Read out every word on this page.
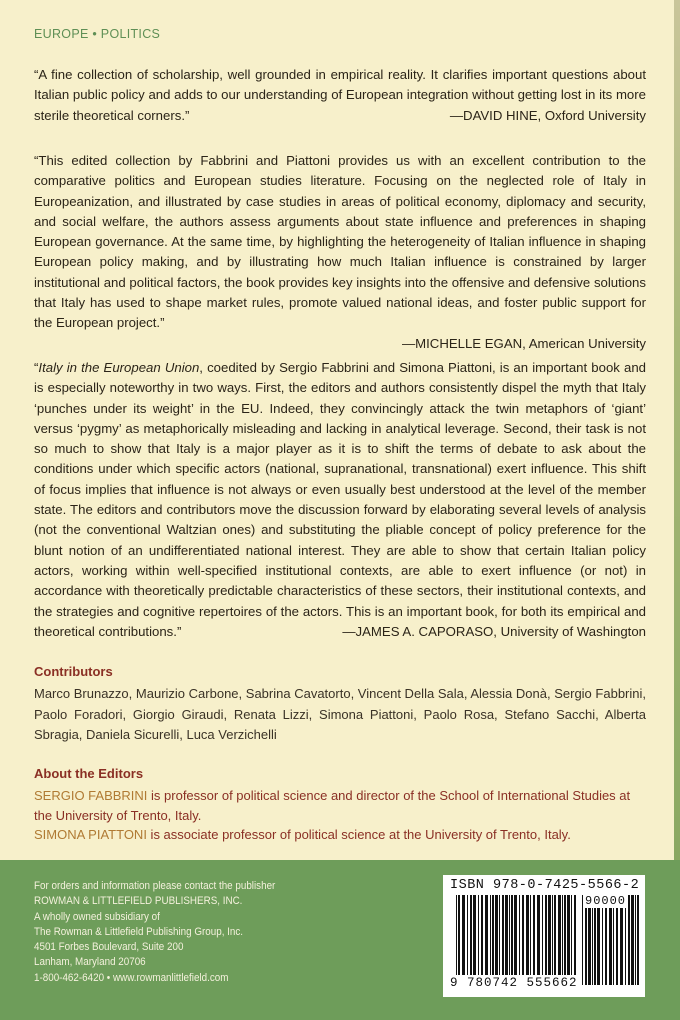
EUROPE • POLITICS
“A fine collection of scholarship, well grounded in empirical reality. It clarifies important questions about Italian public policy and adds to our understanding of European integration without getting lost in its more sterile theoretical corners.”	—DAVID HINE, Oxford University
“This edited collection by Fabbrini and Piattoni provides us with an excellent contribution to the comparative politics and European studies literature. Focusing on the neglected role of Italy in Europeanization, and illustrated by case studies in areas of political economy, diplomacy and security, and social welfare, the authors assess arguments about state influence and preferences in shaping European governance. At the same time, by highlighting the heterogeneity of Italian influence in shaping European policy making, and by illustrating how much Italian influence is constrained by larger institutional and political factors, the book provides key insights into the offensive and defensive solutions that Italy has used to shape market rules, promote valued national ideas, and foster public support for the European project.”
—MICHELLE EGAN, American University
“Italy in the European Union, coedited by Sergio Fabbrini and Simona Piattoni, is an important book and is especially noteworthy in two ways. First, the editors and authors consistently dispel the myth that Italy ‘punches under its weight’ in the EU. Indeed, they convincingly attack the twin metaphors of ‘giant’ versus ‘pygmy’ as metaphorically misleading and lacking in analytical leverage. Second, their task is not so much to show that Italy is a major player as it is to shift the terms of debate to ask about the conditions under which specific actors (national, supranational, transnational) exert influence. This shift of focus implies that influence is not always or even usually best understood at the level of the member state. The editors and contributors move the discussion forward by elaborating several levels of analysis (not the conventional Waltzian ones) and substituting the pliable concept of policy preference for the blunt notion of an undifferentiated national interest. They are able to show that certain Italian policy actors, working within well-specified institutional contexts, are able to exert influence (or not) in accordance with theoretically predictable characteristics of these sectors, their institutional contexts, and the strategies and cognitive repertoires of the actors. This is an important book, for both its empirical and theoretical contributions.”	—JAMES A. CAPORASO, University of Washington
Contributors
Marco Brunazzo, Maurizio Carbone, Sabrina Cavatorto, Vincent Della Sala, Alessia Donà, Sergio Fabbrini, Paolo Foradori, Giorgio Giraudi, Renata Lizzi, Simona Piattoni, Paolo Rosa, Stefano Sacchi, Alberta Sbragia, Daniela Sicurelli, Luca Verzichelli
About the Editors
SERGIO FABBRINI is professor of political science and director of the School of International Studies at the University of Trento, Italy.
SIMONA PIATTONI is associate professor of political science at the University of Trento, Italy.
For orders and information please contact the publisher
ROWMAN & LITTLEFIELD PUBLISHERS, INC.
A wholly owned subsidiary of
The Rowman & Littlefield Publishing Group, Inc.
4501 Forbes Boulevard, Suite 200
Lanham, Maryland 20706
1-800-462-6420 • www.rowmanlittlefield.com
ISBN 978-0-7425-5566-2
90000
9 780742 555662
